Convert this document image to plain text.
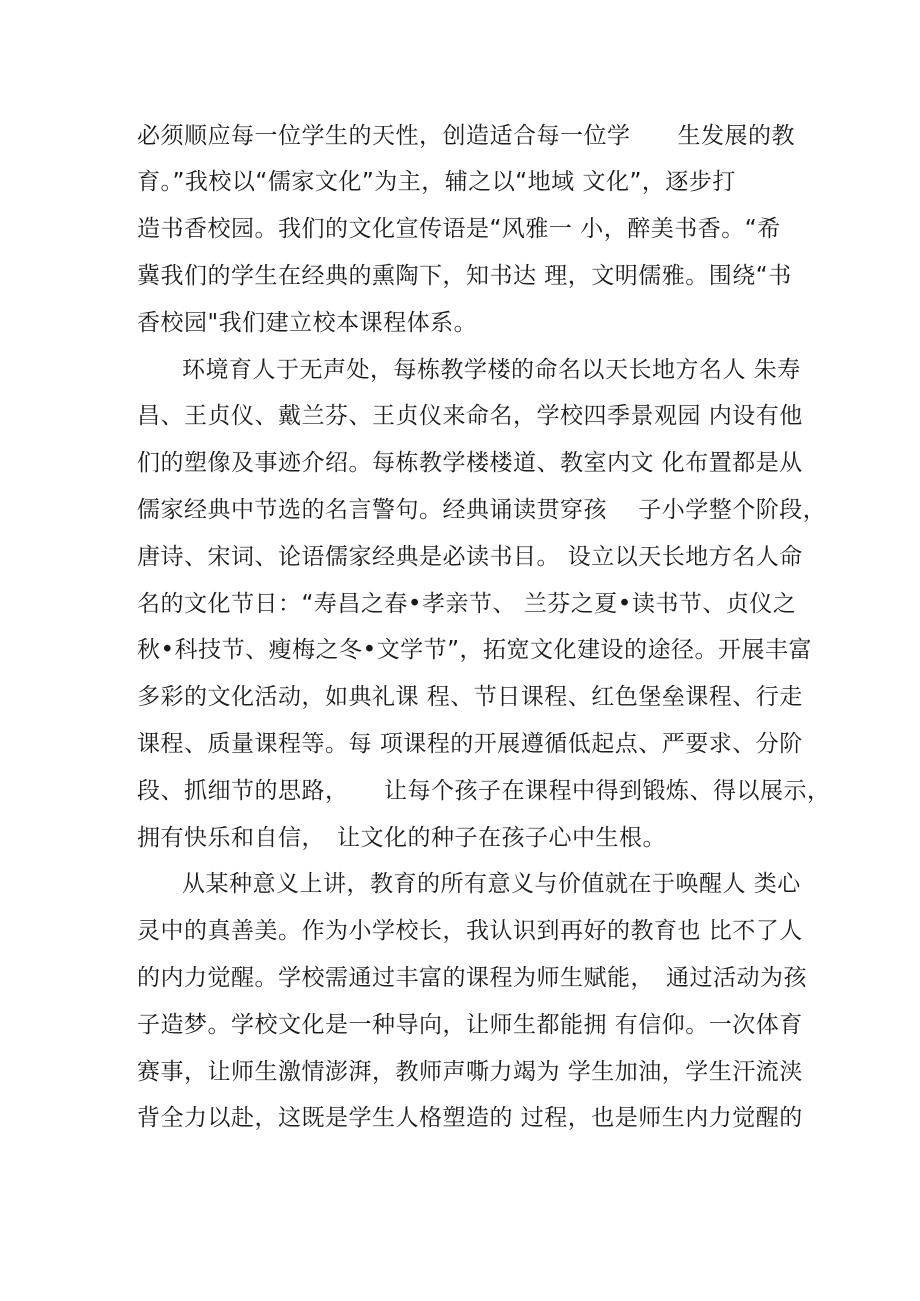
必须顺应每一位学生的天性，创造适合每一位学　　生发展的教
育。”我校以“儒家文化”为主，辅之以“地域 文化”，逐步打
造书香校园。我们的文化宣传语是“风雅一 小，醉美书香。“希
冀我们的学生在经典的熏陶下，知书达 理，文明儒雅。围绕“书
香校园"我们建立校本课程体系。
环境育人于无声处，每栋教学楼的命名以天长地方名人 朱寿
昌、王贞仪、戴兰芬、王贞仪来命名，学校四季景观园 内设有他
们的塑像及事迹介绍。每栋教学楼楼道、教室内文 化布置都是从
儒家经典中节选的名言警句。经典诵读贯穿孩　 子小学整个阶段，
唐诗、宋词、论语儒家经典是必读书目。 设立以天长地方名人命
名的文化节日：“寿昌之春•孝亲节、 兰芬之夏•读书节、贞仪之
秋•科技节、瘦梅之冬•文学节”，拓宽文化建设的途径。开展丰富
多彩的文化活动，如典礼课 程、节日课程、红色堡垒课程、行走
课程、质量课程等。每 项课程的开展遵循低起点、严要求、分阶
段、抓细节的思路，　　让每个孩子在课程中得到锻炼、得以展示，
拥有快乐和自信，　让文化的种子在孩子心中生根。
从某种意义上讲，教育的所有意义与价值就在于唤醒人 类心
灵中的真善美。作为小学校长，我认识到再好的教育也 比不了人
的内力觉醒。学校需通过丰富的课程为师生赋能，　通过活动为孩
子造梦。学校文化是一种导向，让师生都能拥 有信仰。一次体育
赛事，让师生激情澎湃，教师声嘶力竭为 学生加油，学生汗流浃
背全力以赴，这既是学生人格塑造的 过程，也是师生内力觉醒的
